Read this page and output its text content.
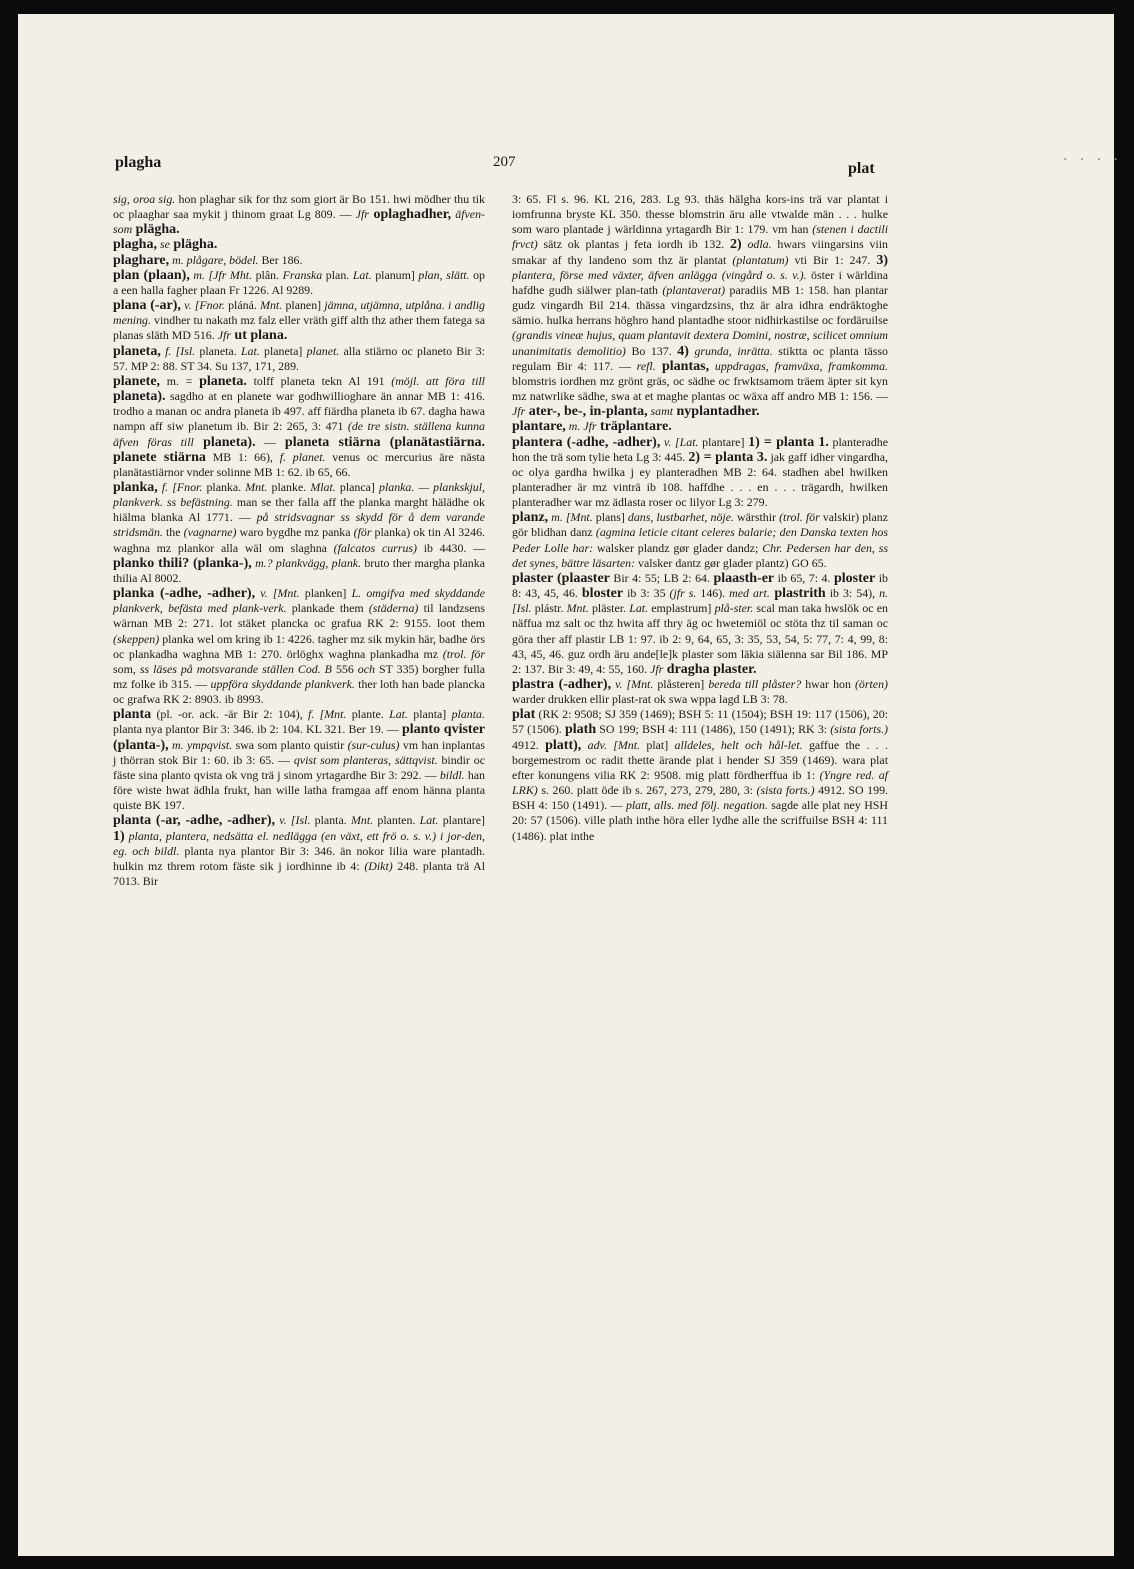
plagha	207	plat

sig, oroa sig. hon plaghar sik for thz som giort är Bo 151. hwi mödher thu tik oc plaaghar saa mykit j thinom graat Lg 809. — Jfr oplaghadher, äfven-som plägha.

plagha, se plägha.

plaghare, m. plågare, bödel. Ber 186.

plan (plaan), m. [Jfr Mht. plân. Franska plan. Lat. planum] plan, slätt. op a een halla fagher plaan Fr 1226. Al 9289.

plana (-ar), v. [Fnor. pláná. Mnt. planen] jämna, utjämna, utplåna. i andlig mening. vindher tu nakath mz falz eller vräth giff alth thz ather them fatega sa planas släth MD 516. Jfr ut plana.

planeta, f. [Isl. planeta. Lat. planeta] planet. alla stiärno oc planeto Bir 3: 57. MP 2: 88. ST 34. Su 137, 171, 289.

planete, m. = planeta. tolff planeta tekn Al 191 (möjl. att föra till planeta). sagdho at en planete war godhwillioghare än annar MB 1: 416. trodho a manan oc andra planeta ib 497. aff fiärdha planeta ib 67. dagha hawa nampn aff siw planetum ib. Bir 2: 265, 3: 471 (de tre sistn. ställena kunna äfven föras till planeta). — planeta stiärna (planätastiärna. planete stiärna MB 1: 66), f. planet. venus oc mercurius äre nästa planätastiärnor vnder solinne MB 1: 62. ib 65, 66.

planka, f. [Fnor. planka. Mnt. planke. Mlat. planca] planka. — plankskjul, plankverk. ss befästning. man se ther falla aff the planka marght hälädhe ok hiälma blanka Al 1771. — på stridsvagnar ss skydd för å dem varande stridsmän. the (vagnarne) waro bygdhe mz panka (för planka) ok tin Al 3246. waghna mz plankor alla wäl om slaghna (falcatos currus) ib 4430. — planko thili? (planka-), m.? plankvägg, plank. bruto ther margha planka thilia Al 8002.

planka (-adhe, -adher), v. [Mnt. planken] L. omgifva med skyddande plankverk, befästa med plank-verk. plankade them (städerna) til landzsens wärnan MB 2: 271. lot stäket plancka oc grafua RK 2: 9155. loot them (skeppen) planka wel om kring ib 1: 4226. tagher mz sik mykin här, badhe örs oc plankadha waghna MB 1: 270. örlöghx waghna plankadha mz (trol. för som, ss läses på motsvarande ställen Cod. B 556 och ST 335) borgher fulla mz folke ib 315. — uppföra skyddande plankverk. ther loth han bade plancka oc grafwa RK 2: 8903. ib 8993.

planta (pl. -or. ack. -är Bir 2: 104), f. [Mnt. plante. Lat. planta] planta. planta nya plantor Bir 3: 346. ib 2: 104. KL 321. Ber 19. — planto qvister (planta-), m. ympqvist. swa som planto quistir (sur-culus) vm han inplantas j thörran stok Bir 1: 60. ib 3: 65. — qvist som planteras, sättqvist. bindir oc fäste sina planto qvista ok vng trä j sinom yrtagardhe Bir 3: 292. — bildl. han före wiste hwat ädhla frukt, han wille latha framgaa aff enom hänna planta quiste BK 197.

planta (-ar, -adhe, -adher), v. [Isl. planta. Mnt. planten. Lat. plantare] 1) planta, plantera, nedsätta el. nedlägga (en växt, ett frö o. s. v.) i jor-den, eg. och bildl. planta nya plantor Bir 3: 346. än nokor lilia ware plantadh. hulkin mz threm rotom fäste sik j iordhinne ib 4: (Dikt) 248. planta trä Al 7013. Bir

3: 65. Fl s. 96. KL 216, 283. Lg 93. thäs hälgha kors-ins trä var plantat i iomfrunna bryste KL 350. thesse blomstrin äru alle vtwalde män . . . hulke som waro plantade j wärldinna yrtagardh Bir 1: 179. vm han (stenen i dactili frvct) sätz ok plantas j feta iordh ib 132. 2) odla. hwars viingarsins viin smakar af thy landeno som thz är plantat (plantatum) vti Bir 1: 247. 3) plantera, förse med växter, äfven anlägga (vingård o. s. v.). öster i wärldina hafdhe gudh siälwer plan-tath (plantaverat) paradiis MB 1: 158. han plantar gudz vingardh Bil 214. thässa vingardzsins, thz är alra idhra endräktoghe sämio. hulka herrans höghro hand plantadhe stoor nidhirkastilse oc fordäruilse (grandis vineæ hujus, quam plantavit dextera Domini, nostræ, scilicet omnium unanimitatis demolitio) Bo 137. 4) grunda, inrätta. stiktta oc planta tässo regulam Bir 4: 117. — refl. plantas, uppdragas, framväxa, framkomma. blomstris iordhen mz grönt gräs, oc sädhe oc frwktsamom träem äpter sit kyn mz natwrlike sädhe, swa at et maghe plantas oc wäxa aff andro MB 1: 156. — Jfr ater-, be-, in-planta, samt nyplantadher.

plantare, m. Jfr träplantare.

plantera (-adhe, -adher), v. [Lat. plantare] 1) = planta 1. planteradhe hon the trä som tylie heta Lg 3: 445. 2) = planta 3. jak gaff idher vingardha, oc olya gardha hwilka j ey planteradhen MB 2: 64. stadhen abel hwilken planteradher är mz vinträ ib 108. haffdhe . . . en . . . trägardh, hwilken planteradher war mz ädlasta roser oc lilyor Lg 3: 279.

planz, m. [Mnt. plans] dans, lustbarhet, nöje. wärsthir (trol. för valskir) planz gör blidhan danz (agmina leticie citant celeres balarie; den Danska texten hos Peder Lolle har: walsker plandz gør glader dandz; Chr. Pedersen har den, ss det synes, bättre läsarten: valsker dantz gør glader plantz) GO 65.

plaster (plaaster Bir 4: 55; LB 2: 64. plaasth-er ib 65, 7: 4. ploster ib 8: 43, 45, 46. bloster ib 3: 35 (jfr s. 146). med art. plastrith ib 3: 54), n. [Isl. plástr. Mnt. pläster. Lat. emplastrum] plå-ster. scal man taka hwslök oc en näffua mz salt oc thz hwita aff thry äg oc hwetemiöl oc stöta thz til saman oc göra ther aff plastir LB 1: 97. ib 2: 9, 64, 65, 3: 35, 53, 54, 5: 77, 7: 4, 99, 8: 43, 45, 46. guz ordh äru ande[le]k plaster som läkia siälenna sar Bil 186. MP 2: 137. Bir 3: 49, 4: 55, 160. Jfr dragha plaster.

plastra (-adher), v. [Mnt. plåsteren] bereda till plåster? hwar hon (örten) warder drukken ellir plast-rat ok swa wppa lagd LB 3: 78.

plat (RK 2: 9508; SJ 359 (1469); BSH 5: 11 (1504); BSH 19: 117 (1506), 20: 57 (1506). plath SO 199; BSH 4: 111 (1486), 150 (1491); RK 3: (sista forts.) 4912. platt), adv. [Mnt. plat] alldeles, helt och hål-let. gaffue the . . . borgemestrom oc radit thette ärande plat i hender SJ 359 (1469). wara plat efter konungens vilia RK 2: 9508. mig platt fördherffua ib 1: (Yngre red. af LRK) s. 260. platt öde ib s. 267, 273, 279, 280, 3: (sista forts.) 4912. SO 199. BSH 4: 150 (1491). — platt, alls. med följ. negation. sagde alle plat ney HSH 20: 57 (1506). ville plath inthe höra eller lydhe alle the scriffuilse BSH 4: 111 (1486). plat inthe

....
